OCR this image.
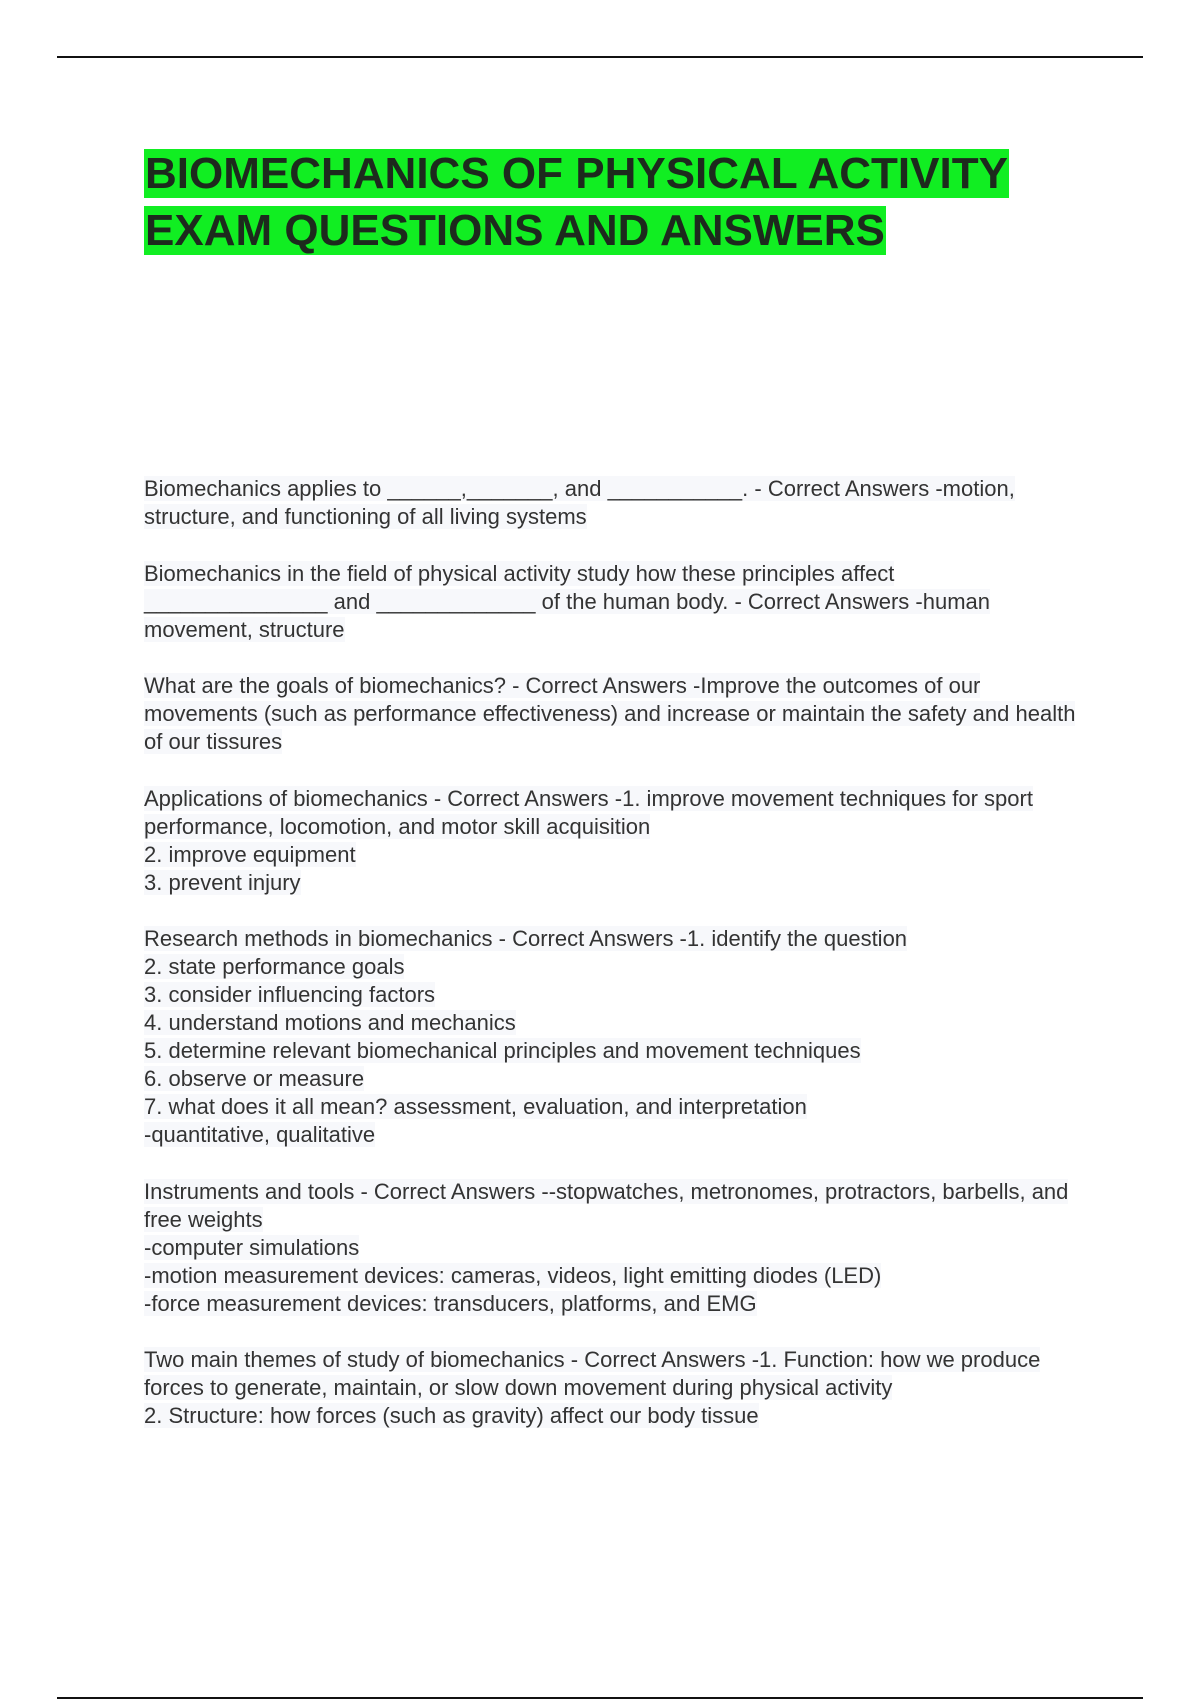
BIOMECHANICS OF PHYSICAL ACTIVITY EXAM QUESTIONS AND ANSWERS

Biomechanics applies to ______,_______, and ___________. - Correct Answers -motion, structure, and functioning of all living systems

Biomechanics in the field of physical activity study how these principles affect _______________ and _____________ of the human body. - Correct Answers -human movement, structure

What are the goals of biomechanics? - Correct Answers -Improve the outcomes of our movements (such as performance effectiveness) and increase or maintain the safety and health of our tissures

Applications of biomechanics - Correct Answers -1. improve movement techniques for sport performance, locomotion, and motor skill acquisition
2. improve equipment
3. prevent injury

Research methods in biomechanics - Correct Answers -1. identify the question
2. state performance goals
3. consider influencing factors
4. understand motions and mechanics
5. determine relevant biomechanical principles and movement techniques
6. observe or measure
7. what does it all mean? assessment, evaluation, and interpretation
-quantitative, qualitative

Instruments and tools - Correct Answers --stopwatches, metronomes, protractors, barbells, and free weights
-computer simulations
-motion measurement devices: cameras, videos, light emitting diodes (LED)
-force measurement devices: transducers, platforms, and EMG

Two main themes of study of biomechanics - Correct Answers -1. Function: how we produce forces to generate, maintain, or slow down movement during physical activity
2. Structure: how forces (such as gravity) affect our body tissue
